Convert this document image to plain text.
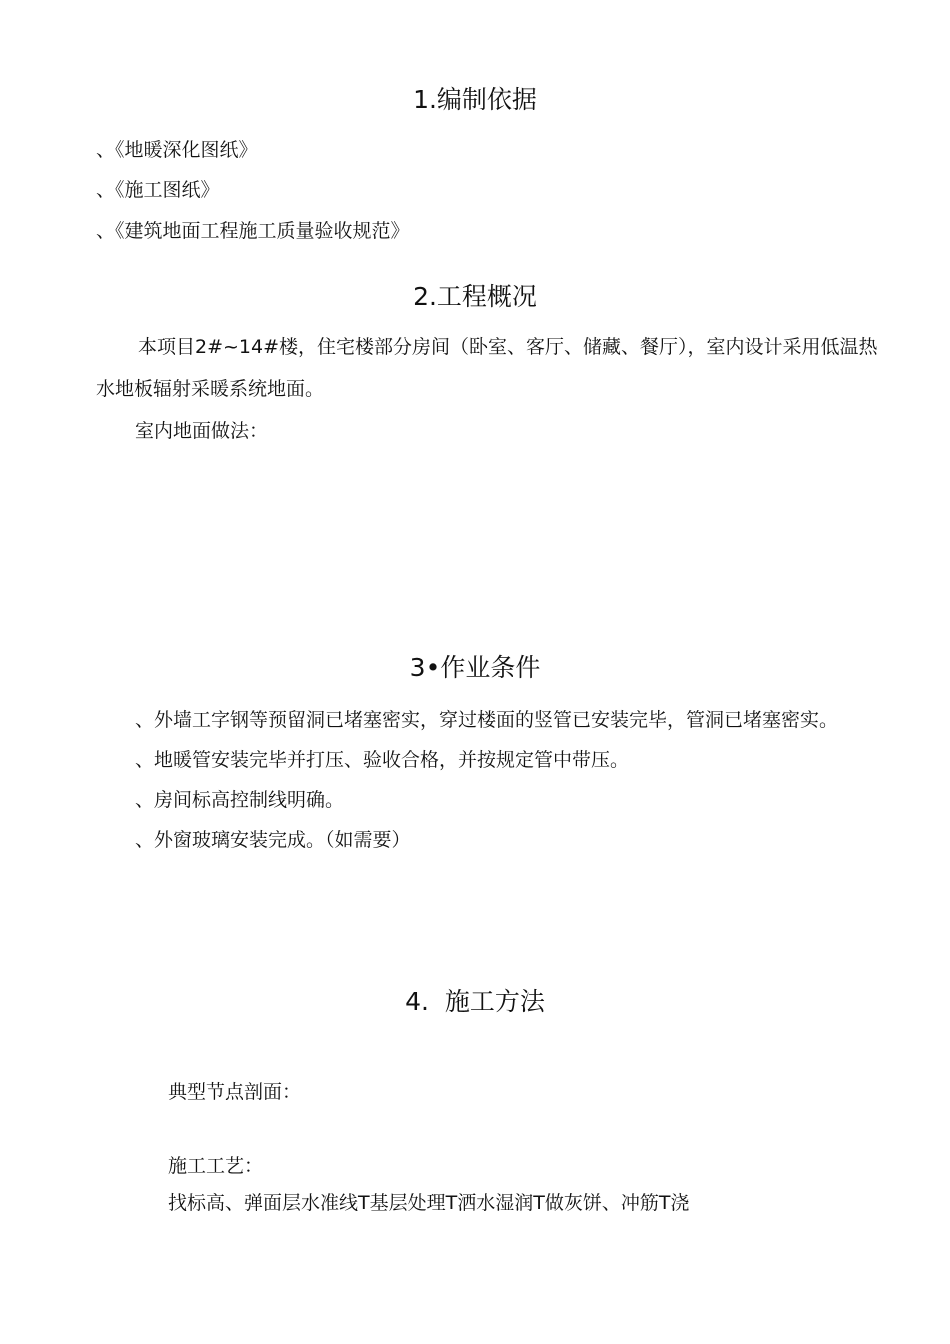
1.编制依据
、《地暖深化图纸》
、《施工图纸》
、《建筑地面工程施工质量验收规范》
2.工程概况

本项目2#~14#楼，住宅楼部分房间（卧室、客厅、储藏、餐厅），室内设计采用低温热水地板辐射采暖系统地面。

室内地面做法：
3•作业条件
、外墙工字钢等预留洞已堵塞密实，穿过楼面的竖管已安装完毕，管洞已堵塞密实。
、地暖管安装完毕并打压、验收合格，并按规定管中带压。
、房间标高控制线明确。
、外窗玻璃安装完成。（如需要）
4.  施工方法
典型节点剖面：
施工工艺：
找标高、弹面层水准线T基层处理T洒水湿润T做灰饼、冲筋T浇
